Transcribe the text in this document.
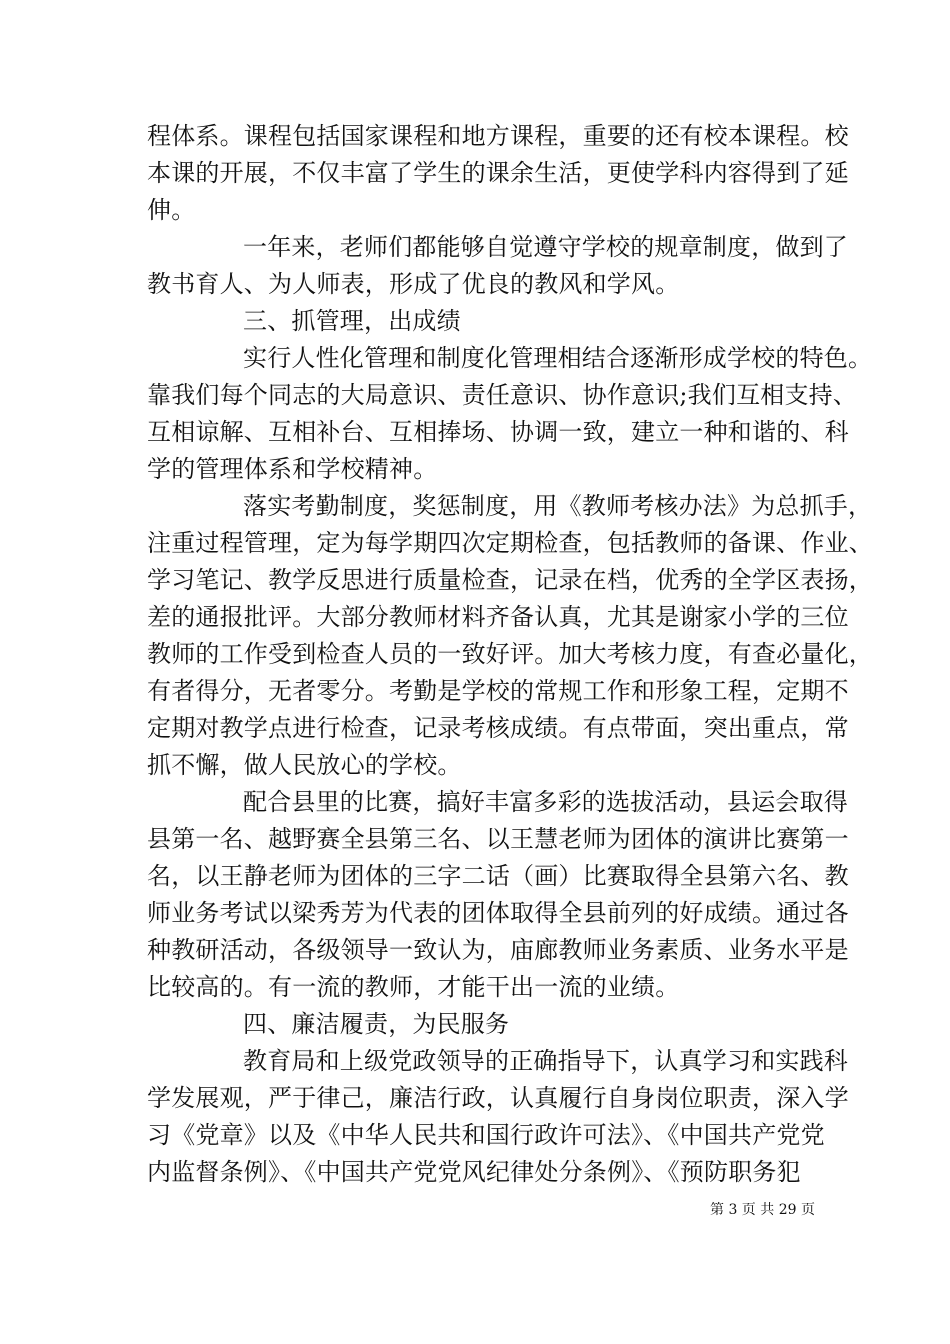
程体系。课程包括国家课程和地方课程，重要的还有校本课程。校
本课的开展，不仅丰富了学生的课余生活，更使学科内容得到了延
伸。
一年来，老师们都能够自觉遵守学校的规章制度，做到了
教书育人、为人师表，形成了优良的教风和学风。
三、抓管理，出成绩
实行人性化管理和制度化管理相结合逐渐形成学校的特色。
靠我们每个同志的大局意识、责任意识、协作意识;我们互相支持、
互相谅解、互相补台、互相捧场、协调一致，建立一种和谐的、科
学的管理体系和学校精神。
落实考勤制度，奖惩制度，用《教师考核办法》为总抓手，
注重过程管理，定为每学期四次定期检查，包括教师的备课、作业、
学习笔记、教学反思进行质量检查，记录在档，优秀的全学区表扬，
差的通报批评。大部分教师材料齐备认真，尤其是谢家小学的三位
教师的工作受到检查人员的一致好评。加大考核力度，有查必量化，
有者得分，无者零分。考勤是学校的常规工作和形象工程，定期不
定期对教学点进行检查，记录考核成绩。有点带面，突出重点，常
抓不懈，做人民放心的学校。
配合县里的比赛，搞好丰富多彩的选拔活动，县运会取得
县第一名、越野赛全县第三名、以王慧老师为团体的演讲比赛第一
名，以王静老师为团体的三字二话（画）比赛取得全县第六名、教
师业务考试以梁秀芳为代表的团体取得全县前列的好成绩。通过各
种教研活动，各级领导一致认为，庙廊教师业务素质、业务水平是
比较高的。有一流的教师，才能干出一流的业绩。
四、廉洁履责，为民服务
教育局和上级党政领导的正确指导下，认真学习和实践科
学发展观，严于律己，廉洁行政，认真履行自身岗位职责，深入学
习《党章》以及《中华人民共和国行政许可法》、《中国共产党党
内监督条例》、《中国共产党党风纪律处分条例》、《预防职务犯
第 3 页 共 29 页
